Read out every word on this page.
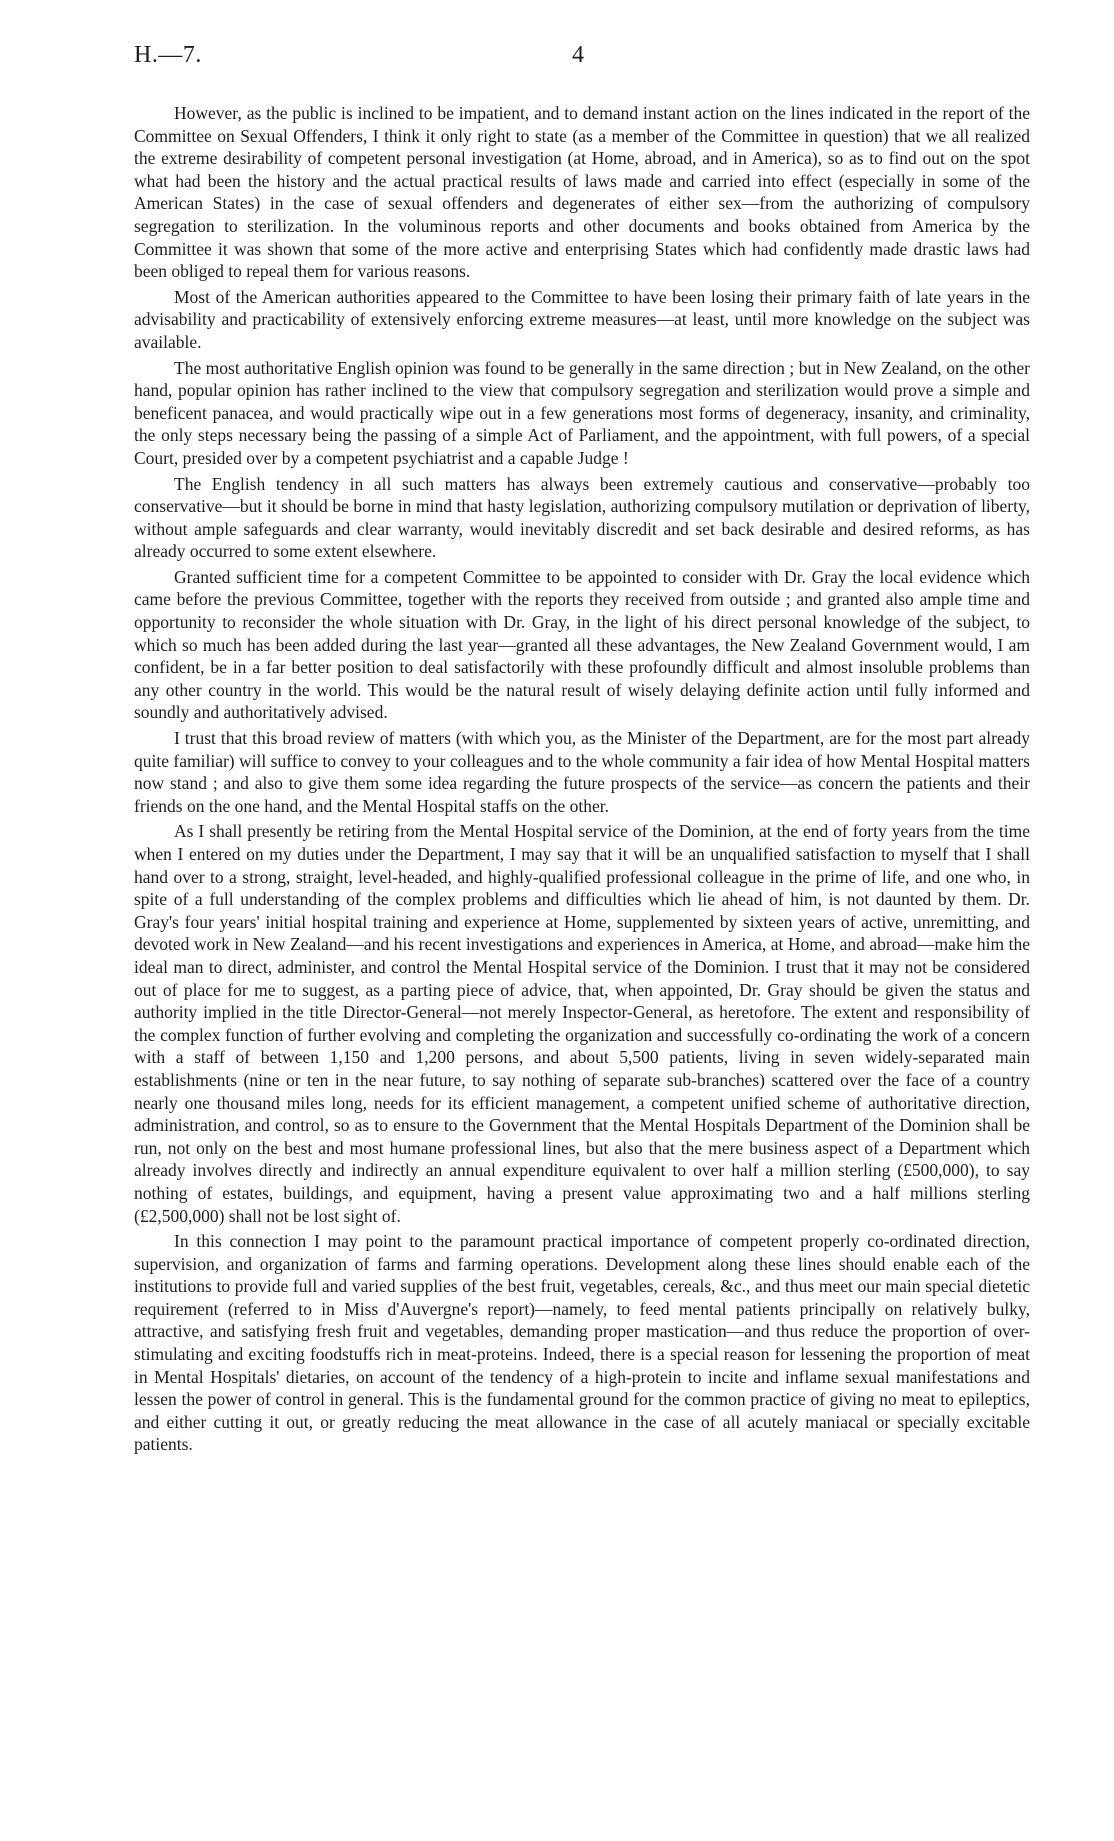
H.—7.	4

However, as the public is inclined to be impatient, and to demand instant action on the lines indicated in the report of the Committee on Sexual Offenders, I think it only right to state (as a member of the Committee in question) that we all realized the extreme desirability of competent personal investigation (at Home, abroad, and in America), so as to find out on the spot what had been the history and the actual practical results of laws made and carried into effect (especially in some of the American States) in the case of sexual offenders and degenerates of either sex—from the authorizing of compulsory segregation to sterilization. In the voluminous reports and other documents and books obtained from America by the Committee it was shown that some of the more active and enterprising States which had confidently made drastic laws had been obliged to repeal them for various reasons.

Most of the American authorities appeared to the Committee to have been losing their primary faith of late years in the advisability and practicability of extensively enforcing extreme measures—at least, until more knowledge on the subject was available.

The most authoritative English opinion was found to be generally in the same direction ; but in New Zealand, on the other hand, popular opinion has rather inclined to the view that compulsory segregation and sterilization would prove a simple and beneficent panacea, and would practically wipe out in a few generations most forms of degeneracy, insanity, and criminality, the only steps necessary being the passing of a simple Act of Parliament, and the appointment, with full powers, of a special Court, presided over by a competent psychiatrist and a capable Judge !

The English tendency in all such matters has always been extremely cautious and conservative—probably too conservative—but it should be borne in mind that hasty legislation, authorizing compulsory mutilation or deprivation of liberty, without ample safeguards and clear warranty, would inevitably discredit and set back desirable and desired reforms, as has already occurred to some extent elsewhere.

Granted sufficient time for a competent Committee to be appointed to consider with Dr. Gray the local evidence which came before the previous Committee, together with the reports they received from outside ; and granted also ample time and opportunity to reconsider the whole situation with Dr. Gray, in the light of his direct personal knowledge of the subject, to which so much has been added during the last year—granted all these advantages, the New Zealand Government would, I am confident, be in a far better position to deal satisfactorily with these profoundly difficult and almost insoluble problems than any other country in the world. This would be the natural result of wisely delaying definite action until fully informed and soundly and authoritatively advised.

I trust that this broad review of matters (with which you, as the Minister of the Department, are for the most part already quite familiar) will suffice to convey to your colleagues and to the whole community a fair idea of how Mental Hospital matters now stand ; and also to give them some idea regarding the future prospects of the service—as concern the patients and their friends on the one hand, and the Mental Hospital staffs on the other.

As I shall presently be retiring from the Mental Hospital service of the Dominion, at the end of forty years from the time when I entered on my duties under the Department, I may say that it will be an unqualified satisfaction to myself that I shall hand over to a strong, straight, level-headed, and highly-qualified professional colleague in the prime of life, and one who, in spite of a full understanding of the complex problems and difficulties which lie ahead of him, is not daunted by them. Dr. Gray's four years' initial hospital training and experience at Home, supplemented by sixteen years of active, unremitting, and devoted work in New Zealand—and his recent investigations and experiences in America, at Home, and abroad—make him the ideal man to direct, administer, and control the Mental Hospital service of the Dominion. I trust that it may not be considered out of place for me to suggest, as a parting piece of advice, that, when appointed, Dr. Gray should be given the status and authority implied in the title Director-General—not merely Inspector-General, as heretofore. The extent and responsibility of the complex function of further evolving and completing the organization and successfully co-ordinating the work of a concern with a staff of between 1,150 and 1,200 persons, and about 5,500 patients, living in seven widely-separated main establishments (nine or ten in the near future, to say nothing of separate sub-branches) scattered over the face of a country nearly one thousand miles long, needs for its efficient management, a competent unified scheme of authoritative direction, administration, and control, so as to ensure to the Government that the Mental Hospitals Department of the Dominion shall be run, not only on the best and most humane professional lines, but also that the mere business aspect of a Department which already involves directly and indirectly an annual expenditure equivalent to over half a million sterling (£500,000), to say nothing of estates, buildings, and equipment, having a present value approximating two and a half millions sterling (£2,500,000) shall not be lost sight of.

In this connection I may point to the paramount practical importance of competent properly co-ordinated direction, supervision, and organization of farms and farming operations. Development along these lines should enable each of the institutions to provide full and varied supplies of the best fruit, vegetables, cereals, &c., and thus meet our main special dietetic requirement (referred to in Miss d'Auvergne's report)—namely, to feed mental patients principally on relatively bulky, attractive, and satisfying fresh fruit and vegetables, demanding proper mastication—and thus reduce the proportion of over-stimulating and exciting foodstuffs rich in meat-proteins. Indeed, there is a special reason for lessening the proportion of meat in Mental Hospitals' dietaries, on account of the tendency of a high-protein to incite and inflame sexual manifestations and lessen the power of control in general. This is the fundamental ground for the common practice of giving no meat to epileptics, and either cutting it out, or greatly reducing the meat allowance in the case of all acutely maniacal or specially excitable patients.
